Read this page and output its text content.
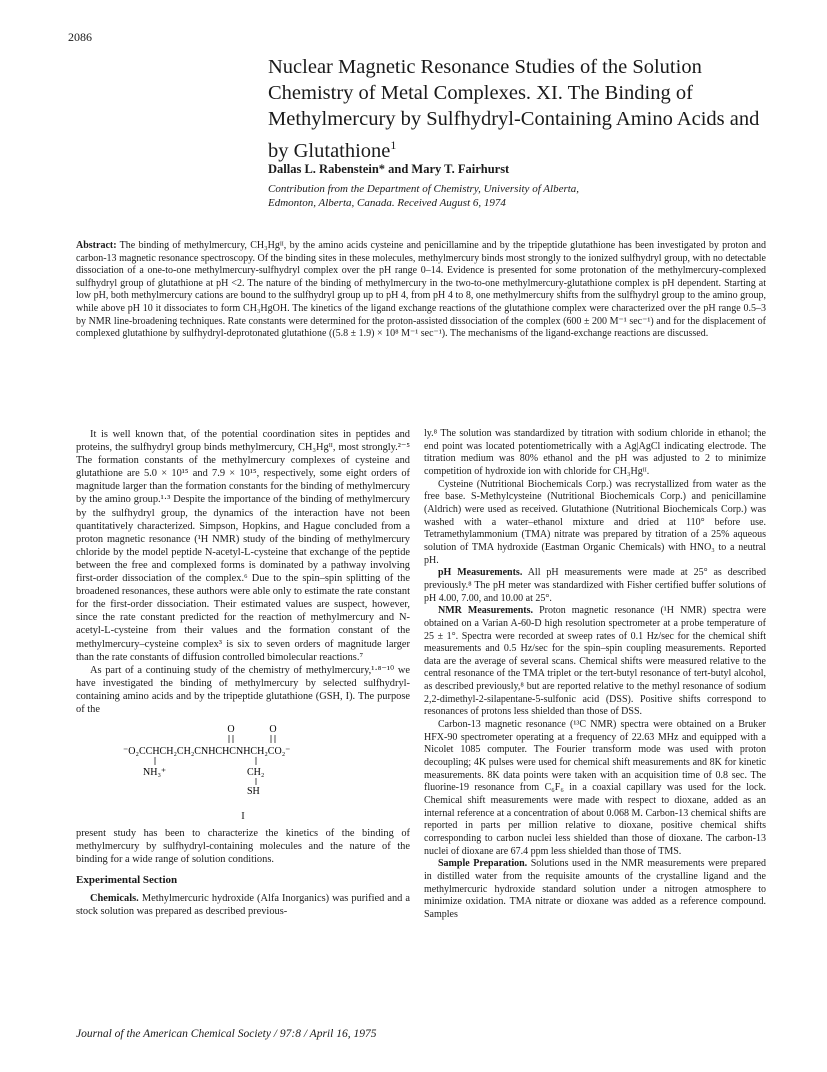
2086
Nuclear Magnetic Resonance Studies of the Solution Chemistry of Metal Complexes. XI. The Binding of Methylmercury by Sulfhydryl-Containing Amino Acids and by Glutathione$^1$
Dallas L. Rabenstein* and Mary T. Fairhurst
Contribution from the Department of Chemistry, University of Alberta,
Edmonton, Alberta, Canada. Received August 6, 1974
Abstract: The binding of methylmercury, CH₃Hgᴵᴵ, by the amino acids cysteine and penicillamine and by the tripeptide glutathione has been investigated by proton and carbon-13 magnetic resonance spectroscopy. Of the binding sites in these molecules, methylmercury binds most strongly to the ionized sulfhydryl group, with no detectable dissociation of a one-to-one methylmercury-sulfhydryl complex over the pH range 0–14. Evidence is presented for some protonation of the methylmercury-complexed sulfhydryl group of glutathione at pH <2. The nature of the binding of methylmercury in the two-to-one methylmercury-glutathione complex is pH dependent. Starting at low pH, both methylmercury cations are bound to the sulfhydryl group up to pH 4, from pH 4 to 8, one methylmercury shifts from the sulfhydryl group to the amino group, while above pH 10 it dissociates to form CH₃HgOH. The kinetics of the ligand exchange reactions of the glutathione complex were characterized over the pH range 0.5–3 by NMR line-broadening techniques. Rate constants were determined for the proton-assisted dissociation of the complex (600 ± 200 M⁻¹ sec⁻¹) and for the displacement of complexed glutathione by sulfhydryl-deprotonated glutathione ((5.8 ± 1.9) × 10⁸ M⁻¹ sec⁻¹). The mechanisms of the ligand-exchange reactions are discussed.

It is well known that, of the potential coordination sites in peptides and proteins, the sulfhydryl group binds methylmercury, CH₃Hgᴵᴵ, most strongly.²⁻⁵ The formation constants of the methylmercury complexes of cysteine and glutathione are 5.0 × 10¹⁵ and 7.9 × 10¹⁵, respectively, some eight orders of magnitude larger than the formation constants for the binding of methylmercury by the amino group.¹·³ Despite the importance of the binding of methylmercury by the sulfhydryl group, the dynamics of the interaction have not been quantitatively characterized. Simpson, Hopkins, and Hague concluded from a proton magnetic resonance (¹H NMR) study of the binding of methylmercury chloride by the model peptide N-acetyl-L-cysteine that exchange of the peptide between the free and complexed forms is dominated by a pathway involving first-order dissociation of the complex.⁶ Due to the spin–spin splitting of the broadened resonances, these authors were able only to estimate the rate constant for the first-order dissociation. Their estimated values are suspect, however, since the rate constant predicted for the reaction of methylmercury and N-acetyl-L-cysteine from their values and the formation constant of the methylmercury–cysteine complex³ is six to seven orders of magnitude larger than the rate constants of diffusion controlled bimolecular reactions.⁷

As part of a continuing study of the chemistry of methylmercury,¹·⁸⁻¹⁰ we have investigated the binding of methylmercury by selected sulfhydryl-containing amino acids and by the tripeptide glutathione (GSH, I). The purpose of the

O	O
⁻O₂CCHCH₂CH₂CNHCHCNHCH₂CO₂⁻
NH₃⁺	CH₂
SH
I

present study has been to characterize the kinetics of the binding of methylmercury by sulfhydryl-containing molecules and the nature of the binding for a wide range of solution conditions.

Experimental Section

Chemicals. Methylmercuric hydroxide (Alfa Inorganics) was purified and a stock solution was prepared as described previous-

ly.⁸ The solution was standardized by titration with sodium chloride in ethanol; the end point was located potentiometrically with a Ag|AgCl indicating electrode. The titration medium was 80% ethanol and the pH was adjusted to 2 to minimize competition of hydroxide ion with chloride for CH₃Hgᴵᴵ.

Cysteine (Nutritional Biochemicals Corp.) was recrystallized from water as the free base. S-Methylcysteine (Nutritional Biochemicals Corp.) and penicillamine (Aldrich) were used as received. Glutathione (Nutritional Biochemicals Corp.) was washed with a water–ethanol mixture and dried at 110° before use. Tetramethylammonium (TMA) nitrate was prepared by titration of a 25% aqueous solution of TMA hydroxide (Eastman Organic Chemicals) with HNO₃ to a neutral pH.

pH Measurements. All pH measurements were made at 25° as described previously.⁸ The pH meter was standardized with Fisher certified buffer solutions of pH 4.00, 7.00, and 10.00 at 25°.

NMR Measurements. Proton magnetic resonance (¹H NMR) spectra were obtained on a Varian A-60-D high resolution spectrometer at a probe temperature of 25 ± 1°. Spectra were recorded at sweep rates of 0.1 Hz/sec for the chemical shift measurements and 0.5 Hz/sec for the spin–spin coupling measurements. Reported data are the average of several scans. Chemical shifts were measured relative to the central resonance of the TMA triplet or the tert-butyl resonance of tert-butyl alcohol, as described previously,⁸ but are reported relative to the methyl resonance of sodium 2,2-dimethyl-2-silapentane-5-sulfonic acid (DSS). Positive shifts correspond to resonances of protons less shielded than those of DSS.

Carbon-13 magnetic resonance (¹³C NMR) spectra were obtained on a Bruker HFX-90 spectrometer operating at a frequency of 22.63 MHz and equipped with a Nicolet 1085 computer. The Fourier transform mode was used with proton decoupling; 4K pulses were used for chemical shift measurements and 8K for kinetic measurements. 8K data points were taken with an acquisition time of 0.8 sec. The fluorine-19 resonance from C₆F₆ in a coaxial capillary was used for the lock. Chemical shift measurements were made with respect to dioxane, added as an internal reference at a concentration of about 0.068 M. Carbon-13 chemical shifts are reported in parts per million relative to dioxane, positive chemical shifts corresponding to carbon nuclei less shielded than those of dioxane. The carbon-13 nuclei of dioxane are 67.4 ppm less shielded than those of TMS.

Sample Preparation. Solutions used in the NMR measurements were prepared in distilled water from the requisite amounts of the crystalline ligand and the methylmercuric hydroxide standard solution under a nitrogen atmosphere to minimize oxidation. TMA nitrate or dioxane was added as a reference compound. Samples

Journal of the American Chemical Society / 97:8 / April 16, 1975
